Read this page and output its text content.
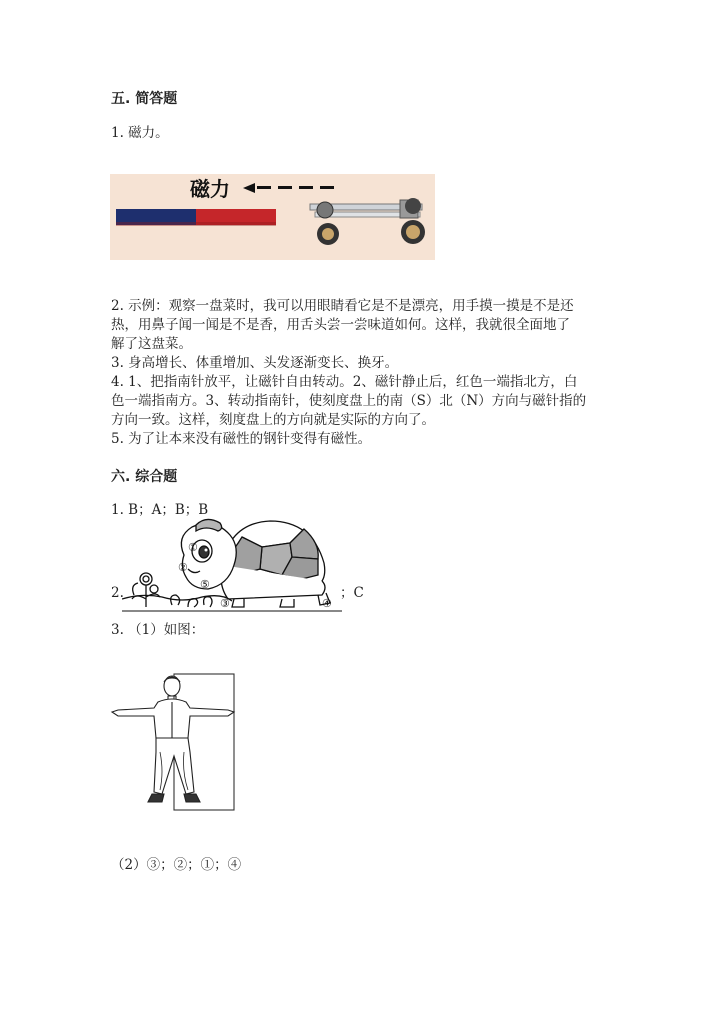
五. 简答题
1. 磁力。
磁力
2. 示例：观察一盘菜时，我可以用眼睛看它是不是漂亮，用手摸一摸是不是还
热，用鼻子闻一闻是不是香，用舌头尝一尝味道如何。这样，我就很全面地了
解了这盘菜。
3. 身高增长、体重增加、头发逐渐变长、换牙。
4. 1、把指南针放平，让磁针自由转动。2、磁针静止后，红色一端指北方，白
色一端指南方。3、转动指南针，使刻度盘上的南（S）北（N）方向与磁针指的
方向一致。这样，刻度盘上的方向就是实际的方向了。
5. 为了让本来没有磁性的钢针变得有磁性。
六. 综合题
1. B；A；B；B
2.
①
②
③	④
⑤
；C
3. （1）如图：
（2）③；②；①；④
